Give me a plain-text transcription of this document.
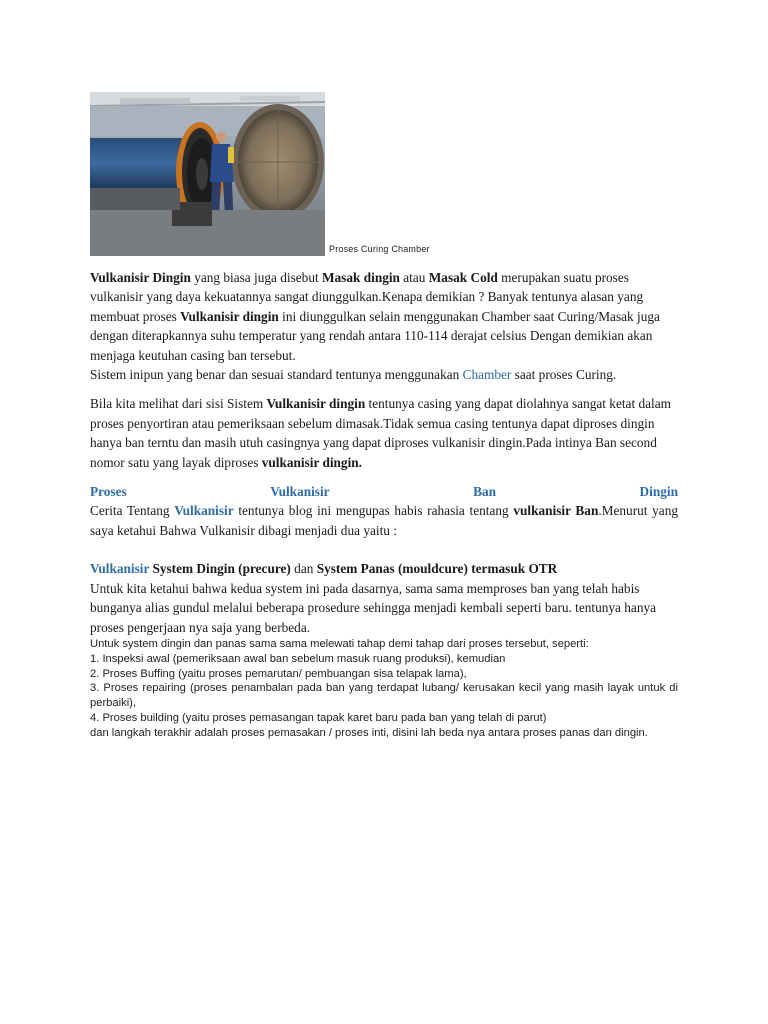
Proses Curing Chamber

Vulkanisir Dingin yang biasa juga disebut Masak dingin atau Masak Cold merupakan suatu proses vulkanisir yang daya kekuatannya sangat diunggulkan.Kenapa demikian ? Banyak tentunya alasan yang membuat proses Vulkanisir dingin ini diunggulkan selain menggunakan Chamber saat Curing/Masak juga dengan diterapkannya suhu temperatur yang rendah antara 110-114 derajat celsius Dengan demikian akan menjaga keutuhan casing ban tersebut.
Sistem inipun yang benar dan sesuai standard tentunya menggunakan Chamber saat proses Curing.

Bila kita melihat dari sisi Sistem Vulkanisir dingin tentunya casing yang dapat diolahnya sangat ketat dalam proses penyortiran atau pemeriksaan sebelum dimasak.Tidak semua casing tentunya dapat diproses dingin hanya ban terntu dan masih utuh casingnya yang dapat diproses vulkanisir dingin.Pada intinya Ban second nomor satu yang layak diproses vulkanisir dingin.

Proses	Vulkanisir	Ban	Dingin

Cerita Tentang Vulkanisir tentunya blog ini mengupas habis rahasia tentang vulkanisir Ban.Menurut yang saya ketahui Bahwa Vulkanisir dibagi menjadi dua yaitu :

Vulkanisir System Dingin (precure) dan System Panas (mouldcure) termasuk OTR

Untuk kita ketahui bahwa kedua system ini pada dasarnya, sama sama memproses ban yang telah habis bunganya alias gundul melalui beberapa prosedure sehingga menjadi kembali seperti baru. tentunya hanya proses pengerjaan nya saja yang berbeda.

Untuk system dingin dan panas sama sama melewati tahap demi tahap dari proses tersebut, seperti:

1. Inspeksi awal (pemeriksaan awal ban sebelum masuk ruang produksi), kemudian

2. Proses Buffing (yaitu proses pemarutan/ pembuangan sisa telapak lama),

3. Proses repairing (proses penambalan pada ban yang terdapat lubang/ kerusakan kecil yang masih layak untuk di perbaiki),

4. Proses building (yaitu proses pemasangan tapak karet baru pada ban yang telah di parut)

dan langkah terakhir adalah proses pemasakan / proses inti, disini lah beda nya antara proses panas dan dingin.
